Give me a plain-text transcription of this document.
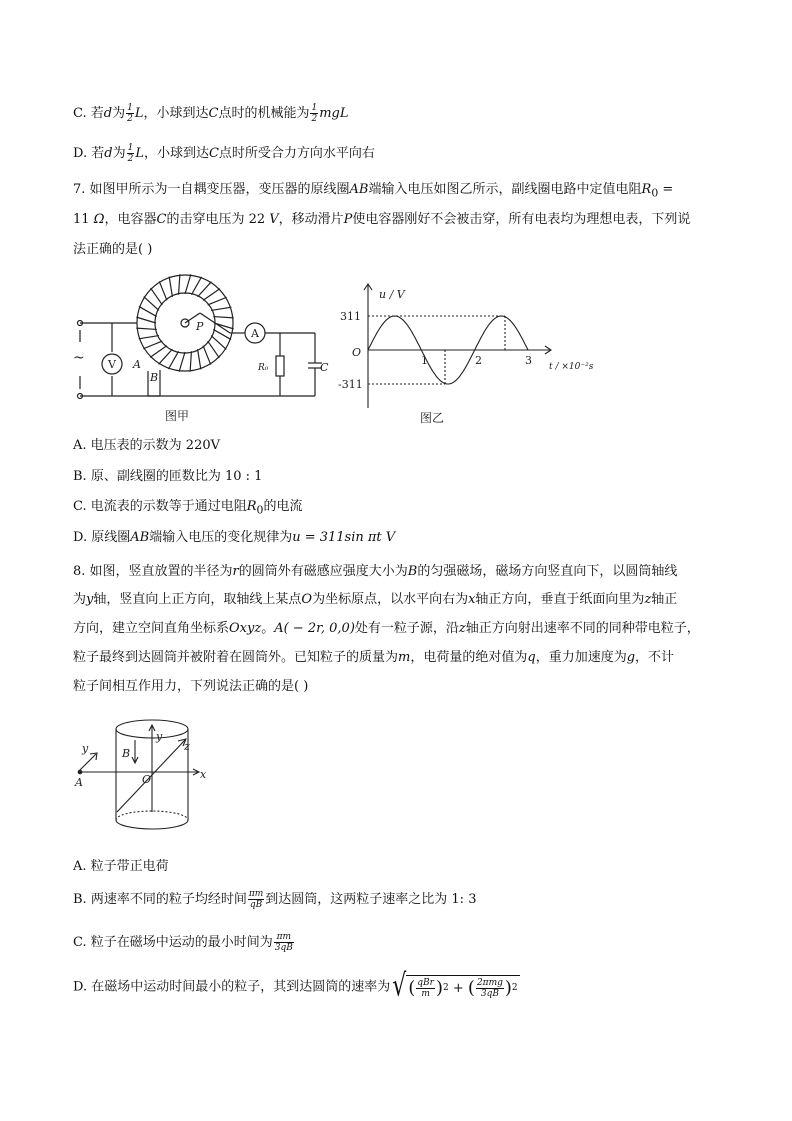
C. 若d为 $\frac{1}{2}$ L，小球到达C点时的机械能为 $\frac{1}{2}$ mgL
D. 若d为 $\frac{1}{2}$ L，小球到达C点时所受合力方向水平向右
7. 如图甲所示为一自耦变压器，变压器的原线圈AB端输入电压如图乙所示，副线圈电路中定值电阻$R_0$ =
11 Ω，电容器C的击穿电压为 22 V，移动滑片P使电容器刚好不会被击穿，所有电表均为理想电表，下列说
法正确的是( )
V
A
~	A
B
P
R₀	C
图甲
u / V
311
-311
O
1	2	3 t / ×10⁻²s
图乙
A. 电压表的示数为 220V
B. 原、副线圈的匝数比为 10 : 1
C. 电流表的示数等于通过电阻$R_0$的电流
D. 原线圈AB端输入电压的变化规律为u = 311sin πt V
8. 如图，竖直放置的半径为r的圆筒外有磁感应强度大小为B的匀强磁场，磁场方向竖直向下，以圆筒轴线
为y轴，竖直向上正方向，取轴线上某点O为坐标原点，以水平向右为x轴正方向，垂直于纸面向里为z轴正
方向，建立空间直角坐标系Oxyz。A( − 2r, 0,0)处有一粒子源，沿z轴正方向射出速率不同的同种带电粒子，
粒子最终到达圆筒并被附着在圆筒外。已知粒子的质量为m，电荷量的绝对值为q，重力加速度为g，不计
粒子间相互作用力，下列说法正确的是( )
y	B
y
z
A	O	x
A. 粒子带正电荷
B. 两速率不同的粒子均经时间 $\frac{\pi m}{qB}$ 到达圆筒，这两粒子速率之比为 1: 3
C. 粒子在磁场中运动的最小时间为 $\frac{\pi m}{3qB}$
D. 在磁场中运动时间最小的粒子，其到达圆筒的速率为√ ( $\frac{\text{qBr}}{m} )^2$ + ( $\frac{\text{2πmg}}{3qB} )^2$
